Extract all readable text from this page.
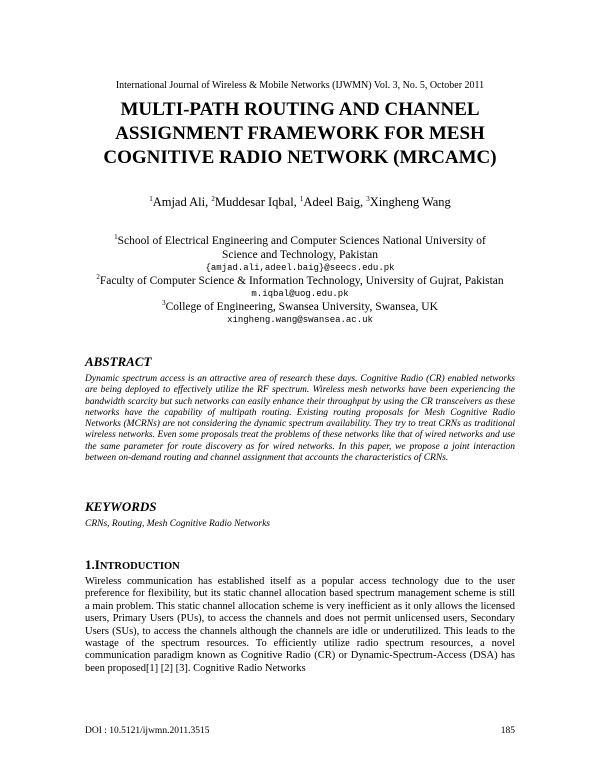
International Journal of Wireless & Mobile Networks (IJWMN) Vol. 3, No. 5, October 2011
MULTI-PATH ROUTING AND CHANNEL
ASSIGNMENT FRAMEWORK FOR MESH
COGNITIVE RADIO NETWORK (MRCAMC)
$^1$Amjad Ali, $^2$Muddesar Iqbal, $^1$Adeel Baig, $^3$Xingheng Wang
$^1$School of Electrical Engineering and Computer Sciences National University of Science and Technology, Pakistan
{amjad.ali,adeel.baig}@seecs.edu.pk
$^2$Faculty of Computer Science & Information Technology, University of Gujrat, Pakistan
m.iqbal@uog.edu.pk
$^3$College of Engineering, Swansea University, Swansea, UK
xingheng.wang@swansea.ac.uk
ABSTRACT
Dynamic spectrum access is an attractive area of research these days. Cognitive Radio (CR) enabled networks are being deployed to effectively utilize the RF spectrum. Wireless mesh networks have been experiencing the bandwidth scarcity but such networks can easily enhance their throughput by using the CR transceivers as these networks have the capability of multipath routing. Existing routing proposals for Mesh Cognitive Radio Networks (MCRNs) are not considering the dynamic spectrum availability. They try to treat CRNs as traditional wireless networks. Even some proposals treat the problems of these networks like that of wired networks and use the same parameter for route discovery as for wired networks. In this paper, we propose a joint interaction between on-demand routing and channel assignment that accounts the characteristics of CRNs.
KEYWORDS
CRNs, Routing, Mesh Cognitive Radio Networks
1.INTRODUCTION
Wireless communication has established itself as a popular access technology due to the user preference for flexibility, but its static channel allocation based spectrum management scheme is still a main problem. This static channel allocation scheme is very inefficient as it only allows the licensed users, Primary Users (PUs), to access the channels and does not permit unlicensed users, Secondary Users (SUs), to access the channels although the channels are idle or underutilized. This leads to the wastage of the spectrum resources. To efficiently utilize radio spectrum resources, a novel communication paradigm known as Cognitive Radio (CR) or Dynamic-Spectrum-Access (DSA) has been proposed[1] [2] [3]. Cognitive Radio Networks
DOI : 10.5121/ijwmn.2011.3515	185
